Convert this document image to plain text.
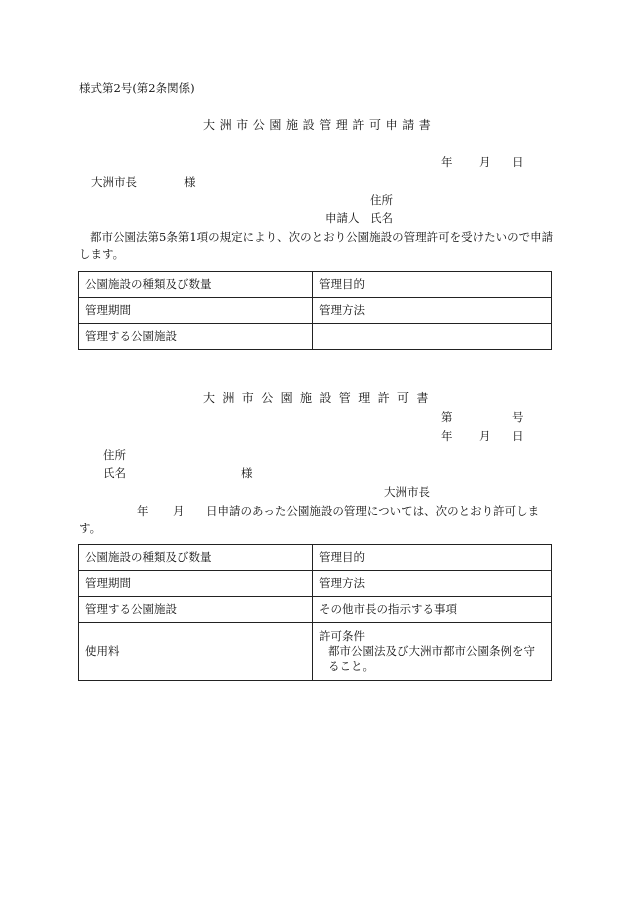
様式第2号(第2条関係)
大洲市公園施設管理許可申請書
年 月 日
大洲市長	様
住所
申請人 氏名
都市公園法第5条第1項の規定により、次のとおり公園施設の管理許可を受けたいので申請します。
公園施設の種類及び数量	管理目的
管理期間	管理方法
管理する公園施設	
大洲市公園施設管理許可書
第	号
年 月 日
住所
氏名	様
大洲市長
年 月 日申請のあった公園施設の管理については、次のとおり許可しま
す。
公園施設の種類及び数量	管理目的
管理期間	管理方法
管理する公園施設	その他市長の指示する事項
使用料	許可条件
都市公園法及び大洲市都市公園条例を守ること。
